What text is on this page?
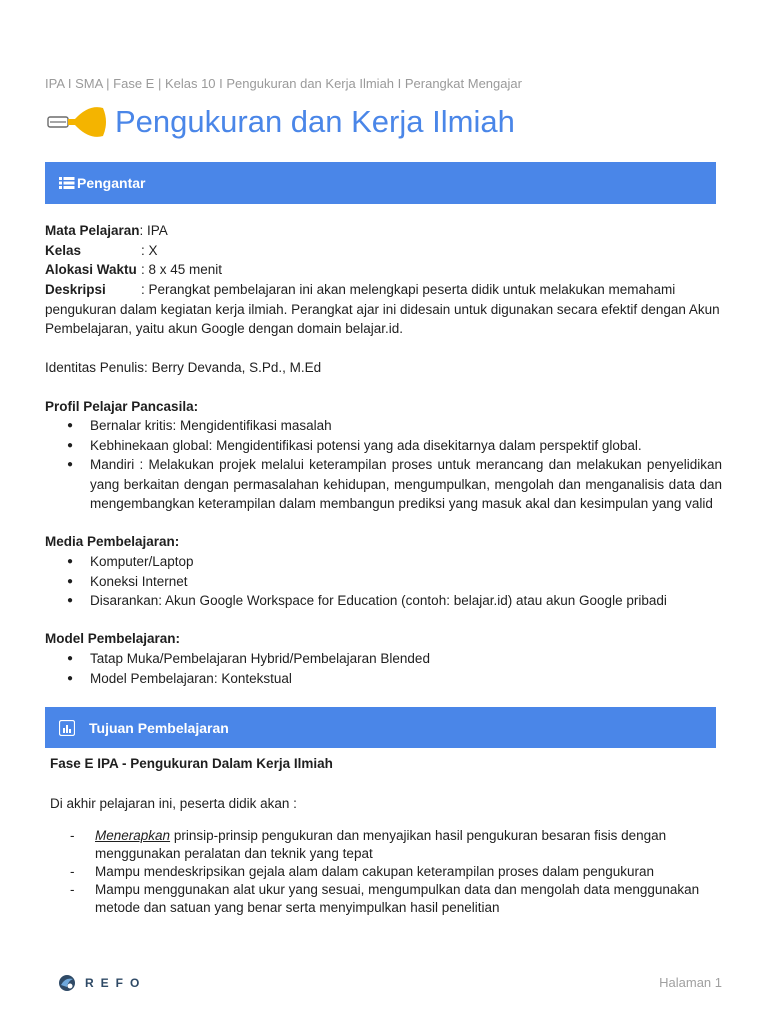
IPA I SMA | Fase E | Kelas 10 I Pengukuran dan Kerja Ilmiah I Perangkat Mengajar
Pengukuran dan Kerja Ilmiah
Pengantar
Mata Pelajaran: IPA
Kelas	: X
Alokasi Waktu : 8 x 45 menit
Deskripsi	: Perangkat pembelajaran ini akan melengkapi peserta didik untuk melakukan memahami pengukuran dalam kegiatan kerja ilmiah. Perangkat ajar ini didesain untuk digunakan secara efektif dengan Akun Pembelajaran, yaitu akun Google dengan domain belajar.id.
Identitas Penulis: Berry Devanda, S.Pd., M.Ed
Profil Pelajar Pancasila:
● Bernalar kritis: Mengidentifikasi masalah
● Kebhinekaan global: Mengidentifikasi potensi yang ada disekitarnya dalam perspektif global.
● Mandiri : Melakukan projek melalui keterampilan proses untuk merancang dan melakukan penyelidikan yang berkaitan dengan permasalahan kehidupan, mengumpulkan, mengolah dan menganalisis data dan mengembangkan keterampilan dalam membangun prediksi yang masuk akal dan kesimpulan yang valid
Media Pembelajaran:
● Komputer/Laptop
● Koneksi Internet
● Disarankan: Akun Google Workspace for Education (contoh: belajar.id) atau akun Google pribadi
Model Pembelajaran:
● Tatap Muka/Pembelajaran Hybrid/Pembelajaran Blended
● Model Pembelajaran: Kontekstual
Tujuan Pembelajaran
Fase E IPA - Pengukuran Dalam Kerja Ilmiah
Di akhir pelajaran ini, peserta didik akan :
- Menerapkan prinsip-prinsip pengukuran dan menyajikan hasil pengukuran besaran fisis dengan menggunakan peralatan dan teknik yang tepat
- Mampu mendeskripsikan gejala alam dalam cakupan keterampilan proses dalam pengukuran
- Mampu menggunakan alat ukur yang sesuai, mengumpulkan data dan mengolah data menggunakan metode dan satuan yang benar serta menyimpulkan hasil penelitian
REFO	Halaman 1
